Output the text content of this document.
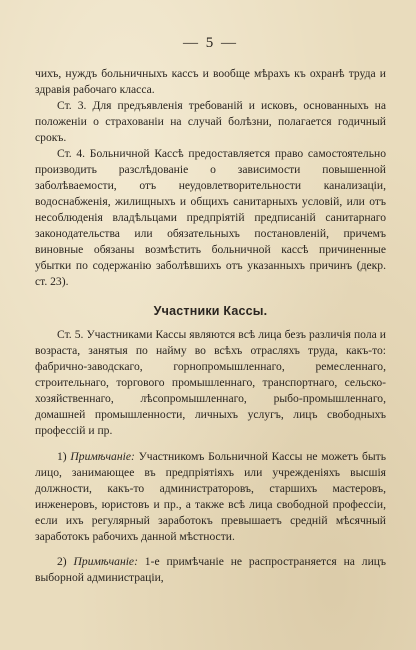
— 5 —

чихъ, нуждъ больничныхъ кассъ и вообще мѣрахъ къ охранѣ труда и здравія рабочаго класса.

Ст. 3. Для предъявленія требованій и исковъ, основанныхъ на положеніи о страхованіи на случай болѣзни, полагается годичный срокъ.

Ст. 4. Больничной Кассѣ предоставляется право самостоятельно производить разслѣдованіе о зависимости повышенной заболѣваемости, отъ неудовлетворительности канализаціи, водоснабженія, жилищныхъ и общихъ санитарныхъ условій, или отъ несоблюденія владѣльцами предпріятій предписаній санитарнаго законодательства или обязательныхъ постановленій, причемъ виновные обязаны возмѣстить больничной кассѣ причиненные убытки по содержанію заболѣвшихъ отъ указанныхъ причинъ (декр. ст. 23).

Участники Кассы.

Ст. 5. Участниками Кассы являются всѣ лица безъ различія пола и возраста, занятыя по найму во всѣхъ отрасляхъ труда, какъ-то: фабрично-заводскаго, горнопромышленнаго, ремесленнаго, строительнаго, торгового промышленнаго, транспортнаго, сельско-хозяйственнаго, лѣсопромышленнаго, рыбо-промышленнаго, домашней промышленности, личныхъ услугъ, лицъ свободныхъ профессій и пр.

1) Примѣчаніе: Участникомъ Больничной Кассы не можетъ быть лицо, занимающее въ предпріятіяхъ или учрежденіяхъ высшія должности, какъ-то администраторовъ, старшихъ мастеровъ, инженеровъ, юристовъ и пр., а также всѣ лица свободной профессіи, если ихъ регулярный заработокъ превышаетъ средній мѣсячный заработокъ рабочихъ данной мѣстности.

2) Примѣчаніе: 1-е примѣчаніе не распространяется на лицъ выборной администраціи,
